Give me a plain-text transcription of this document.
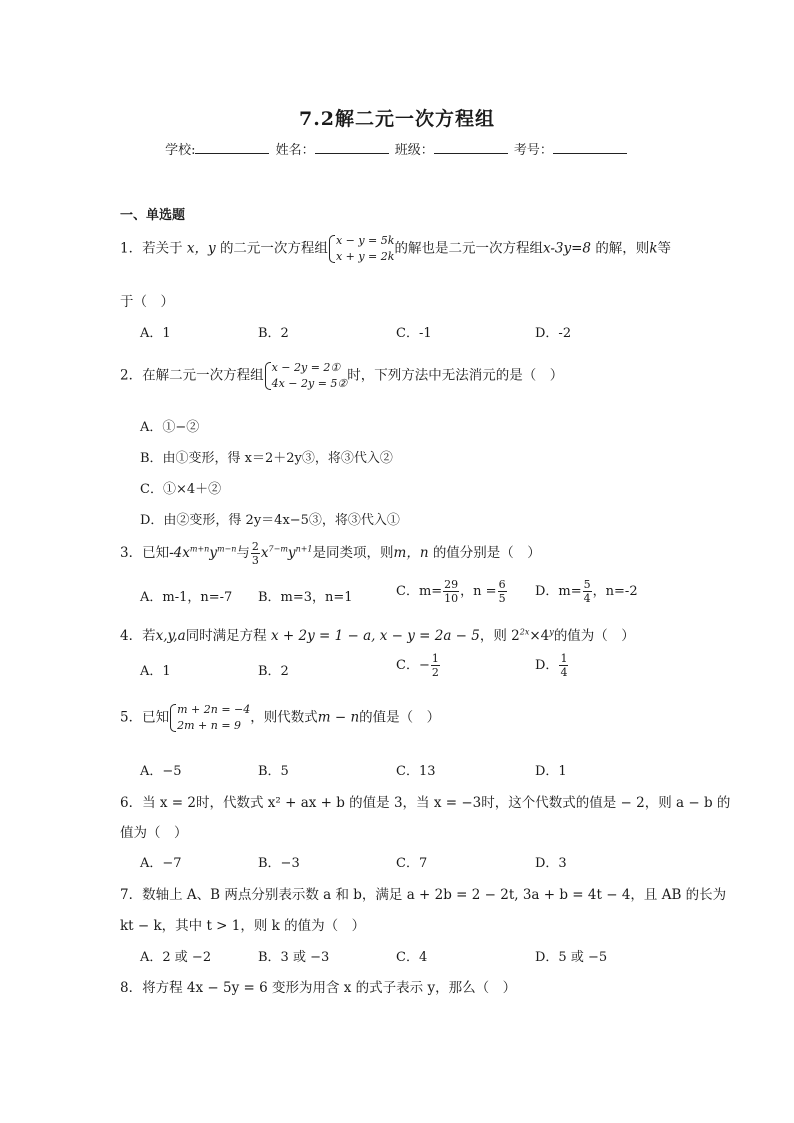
7.2解二元一次方程组
学校:	姓名：	班级：	考号：
一、单选题
1．若关于 x，y 的二元一次方程组 x − y = 5k
x + y = 2k 的解也是二元一次方程组x-3y=8 的解，则k等
于（　）
A．1	B．2	C．-1	D．-2
2．在解二元一次方程组 x − 2y = 2①
4x − 2y = 5② 时，下列方法中无法消元的是（　）
A．①−②
B．由①变形，得 x＝2＋2y③，将③代入②
C．①×4＋②
D．由②变形，得 2y＝4x−5③，将③代入①
3．已知$-4x^{m+n}y^{m-n}$与 $\frac{2}{3} x^{7-m}y^{n+1}$是同类项，则m，n 的值分别是（　）
A．m-1，n=-7 B．m=3，n=1	C．$m= \frac{29}{10}$ ，$n = \frac{6}{5}$ D．$m= \frac{5}{4}$ ，n=-2
4．若x,y,a同时满足方程 x + 2y = 1 − a, x − y = 2a − 5，则 $2^{2x}\times 4^y$的值为（　）
A．1	B．2	C．− $\frac{1}{2}$	D． $\frac{1}{4}$
5．已知 m + 2n = −4
2m + n = 9 ，则代数式m − n的值是（　）
A．−5	B．5	C．13	D．1
6．当 x = 2时，代数式 x² + ax + b 的值是 3，当 x = −3时，这个代数式的值是 − 2，则 a − b 的
值为（　）
A．−7	B．−3	C．7	D．3
7．数轴上 A、B 两点分别表示数 a 和 b，满足 a + 2b = 2 − 2t, 3a + b = 4t − 4，且 AB 的长为
kt − k，其中 t > 1，则 k 的值为（　）
A．2 或 −2	B．3 或 −3	C．4	D．5 或 −5
8．将方程 4x − 5y = 6 变形为用含 x 的式子表示 y，那么（　）
